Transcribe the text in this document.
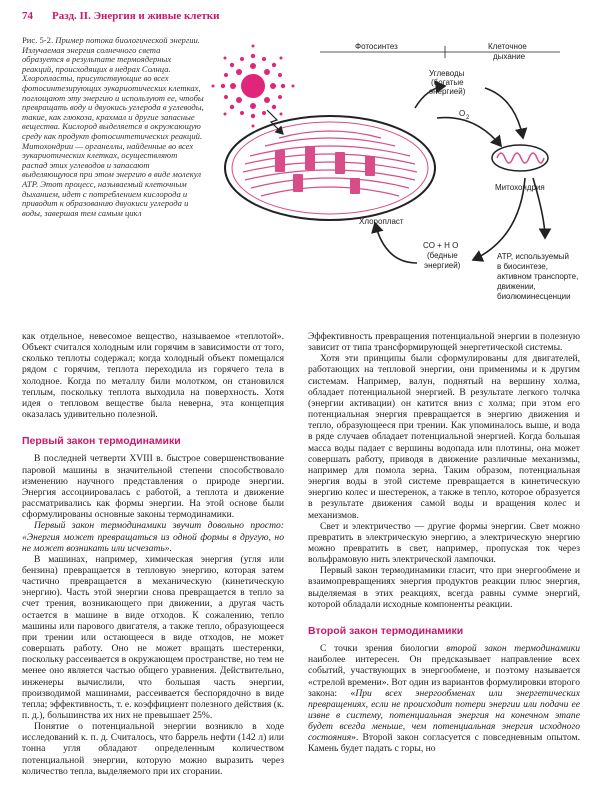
74 Разд. II. Энергия и живые клетки
Рис. 5-2. Пример потока биологической энергии. Излучаемая энергия солнечного света образуется в результате термоядерных реакций, происходящих в недрах Солнца. Хлоропласты, присутствующие во всех фотосинтезирующих эукариотических клетках, поглощают эту энергию и используют ее, чтобы превращать воду и двуокись углерода в углеводы, такие, как глюкоза, крахмал и другие запасные вещества. Кислород выделяется в окружающую среду как продукт фотосинтетических реакций. Митохондрии — органеллы, найденные во всех эукариотических клетках, осуществляют распад этих углеводов и запасают выделяющуюся при этом энергию в виде молекул АТР. Этот процесс, называемый клеточным дыханием, идет с потреблением кислорода и приводит к образованию двуокиси углерода и воды, завершая тем самым цикл
Фотосинтез	Клеточное
дыхание
Углеводы
(богатые
энергией)
O 2
Митохондрия
Хлоропласт
CO + H O
(бедные
энергией)
ATP, используемый
в биосинтезе,
активном транспорте,
движении,
биолюминесценции

как отдельное, невесомое вещество, называемое «теплотой». Объект считался холодным или горячим в зависимости от того, сколько теплоты содержал; когда холодный объект помещался рядом с горячим, теплота переходила из горячего тела в холодное. Когда по металлу били молотком, он становился теплым, поскольку теплота выходила на поверхность. Хотя идея о тепловом веществе была неверна, эта концепция оказалась удивительно полезной.

Первый закон термодинамики

В последней четверти XVIII в. быстрое совершенствование паровой машины в значительной степени способствовало изменению научного представления о природе энергии. Энергия ассоциировалась с работой, а теплота и движение рассматривались как формы энергии. На этой основе были сформулированы основные законы термодинамики.

Первый закон термодинамики звучит довольно просто: «Энергия может превращаться из одной формы в другую, но не может возникать или исчезать».

В машинах, например, химическая энергия (угля или бензина) превращается в тепловую энергию, которая затем частично превращается в механическую (кинетическую энергию). Часть этой энергии снова превращается в тепло за счет трения, возникающего при движении, а другая часть остается в машине в виде отходов. К сожалению, тепло машины или парового двигателя, а также тепло, образующееся при трении или остающееся в виде отходов, не может совершать работу. Оно не может вращать шестеренки, поскольку рассеивается в окружающем пространстве, но тем не менее оно является частью общего уравнения. Действительно, инженеры вычислили, что большая часть энергии, производимой машинами, рассеивается беспорядочно в виде тепла; эффективность, т. е. коэффициент полезного действия (к. п. д.), большинства их них не превышает 25%.

Понятие о потенциальной энергии возникло в ходе исследований к. п. д. Считалось, что баррель нефти (142 л) или тонна угля обладают определенным количеством потенциальной энергии, которую можно выразить через количество тепла, выделяемого при их сгорании.

Эффективность превращения потенциальной энергии в полезную зависит от типа трансформирующей энергетической системы.

Хотя эти принципы были сформулированы для двигателей, работающих на тепловой энергии, они применимы и к другим системам. Например, валун, поднятый на вершину холма, обладает потенциальной энергией. В результате легкого толчка (энергии активации) он катится вниз с холма; при этом его потенциальная энергия превращается в энергию движения и тепло, образующееся при трении. Как упоминалось выше, и вода в ряде случаев обладает потенциальной энергией. Когда большая масса воды падает с вершины водопада или плотины, она может совершать работу, приводя в движение различные механизмы, например для помола зерна. Таким образом, потенциальная энергия воды в этой системе превращается в кинетическую энергию колес и шестеренок, а также в тепло, которое образуется в результате движения самой воды и вращения колес и механизмов.

Свет и электричество — другие формы энергии. Свет можно превратить в электрическую энергию, а электрическую энергию можно превратить в свет, например, пропуская ток через вольфрамовую нить электрической лампочки.

Первый закон термодинамики гласит, что при энергообмене и взаимопревращениях энергия продуктов реакции плюс энергия, выделяемая в этих реакциях, всегда равны сумме энергий, которой обладали исходные компоненты реакции.

Второй закон термодинамики

С точки зрения биологии второй закон термодинамики наиболее интересен. Он предсказывает направление всех событий, участвующих в энергообмене, и поэтому называется «стрелой времени». Вот один из вариантов формулировки второго закона: «При всех энергообменах или энергетических превращениях, если не происходит потери энергии или подачи ее извне в систему, потенциальная энергия на конечном этапе будет всегда меньше, чем потенциальная энергия исходного состояния». Второй закон согласуется с повседневным опытом. Камень будет падать с горы, но
